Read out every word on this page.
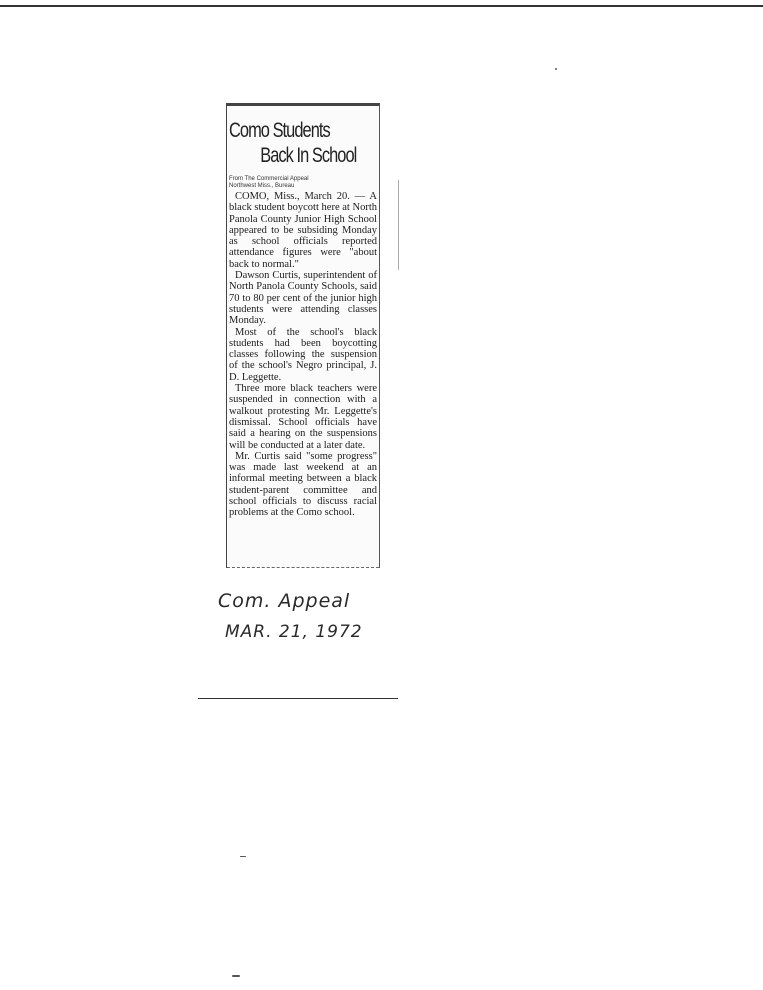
Como Students
Back In School
From The Commercial Appeal
Northwest Miss., Bureau

COMO, Miss., March 20. — A black student boycott here at North Panola County Junior High School appeared to be subsiding Monday as school officials reported attendance figures were "about back to normal."

Dawson Curtis, superintendent of North Panola County Schools, said 70 to 80 per cent of the junior high students were attending classes Monday.

Most of the school's black students had been boycotting classes following the suspension of the school's Negro principal, J. D. Leggette.

Three more black teachers were suspended in connection with a walkout protesting Mr. Leggette's dismissal. School officials have said a hearing on the suspensions will be conducted at a later date.

Mr. Curtis said "some progress" was made last weekend at an informal meeting between a black student-parent committee and school officials to discuss racial problems at the Como school.

Com. Appeal
MAR. 21, 1972
